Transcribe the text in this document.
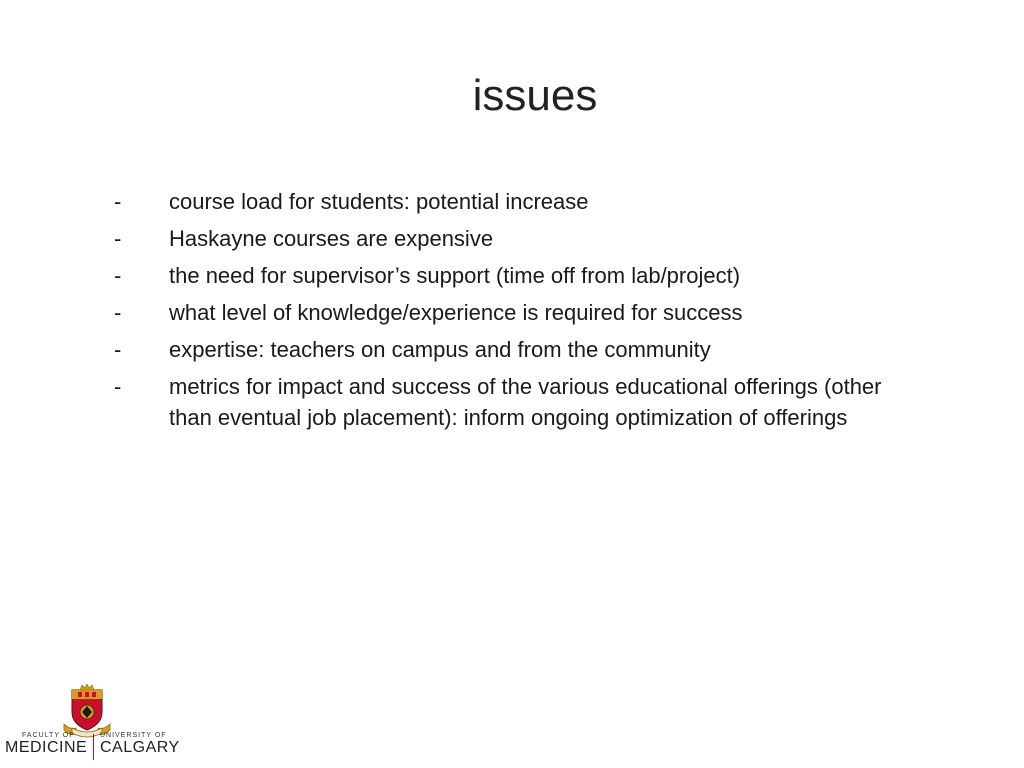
issues
-	course load for students: potential increase
-	Haskayne courses are expensive
-	the need for supervisor’s support (time off from lab/project)
-	what level of knowledge/experience is required for success
-	expertise: teachers on campus and from the community
-	metrics for impact and success of the various educational offerings (other than eventual job placement): inform ongoing optimization of offerings
FACULTY OF	UNIVERSITY OF
MEDICINE CALGARY
